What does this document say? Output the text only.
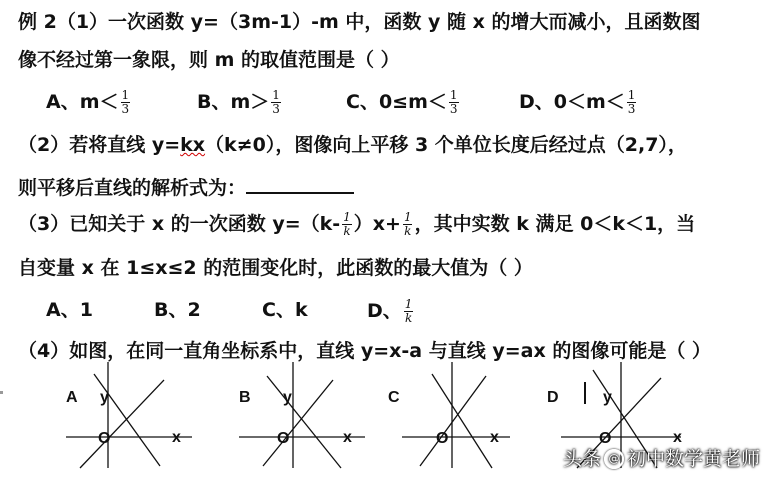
例 2（1）一次函数 y=（3m-1）-m 中，函数 y 随 x 的增大而减小，且函数图
像不经过第一象限，则 m 的取值范围是（ ）
A、$m< \frac{1}{3}$	B、$m> \frac{1}{3}$	C、$0\le m< \frac{1}{3}$	D、$0<m< \frac{1}{3}$
（2）若将直线 y=kx（k≠0），图像向上平移 3 个单位长度后经过点（2,7），
则平移后直线的解析式为：
（3）已知关于 x 的一次函数 $y=(k- \frac{1}{k} )x+ \frac{1}{k}$ ，其中实数 k 满足 0＜k＜1，当
自变量 x 在 1≤x≤2 的范围变化时，此函数的最大值为（ ）
A、1	B、2	C、k	D、 $\frac{1}{k}$
（4）如图，在同一直角坐标系中，直线 y=x-a 与直线 y=ax 的图像可能是（ ）
A y
x
O
B y
x
O
C
x
O
D	y
x
O
头条 @ 初中数学黄老师
